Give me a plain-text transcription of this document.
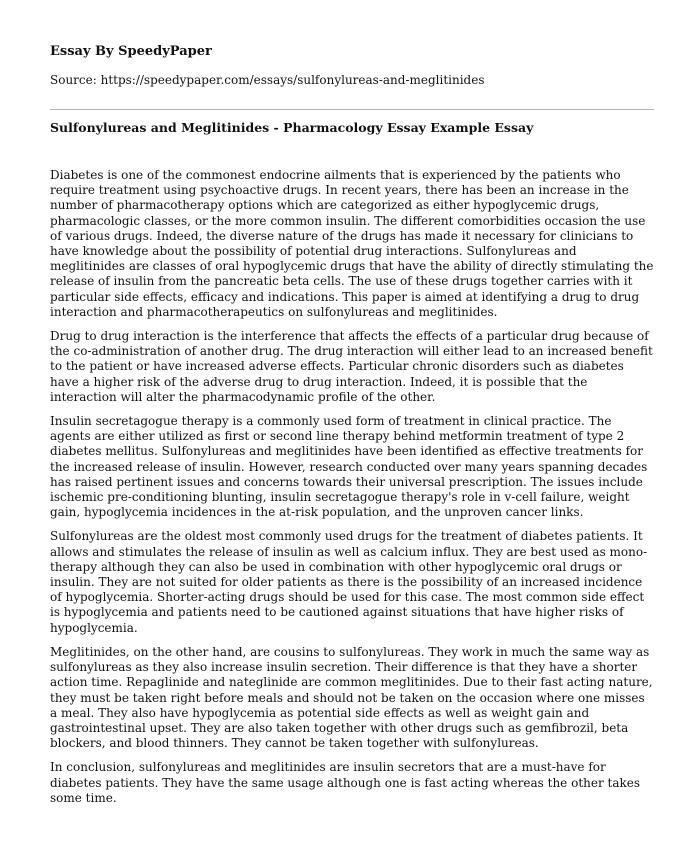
Essay By SpeedyPaper
Source: https://speedypaper.com/essays/sulfonylureas-and-meglitinides
Sulfonylureas and Meglitinides - Pharmacology Essay Example Essay

Diabetes is one of the commonest endocrine ailments that is experienced by the patients who require treatment using psychoactive drugs. In recent years, there has been an increase in the number of pharmacotherapy options which are categorized as either hypoglycemic drugs, pharmacologic classes, or the more common insulin. The different comorbidities occasion the use of various drugs. Indeed, the diverse nature of the drugs has made it necessary for clinicians to have knowledge about the possibility of potential drug interactions. Sulfonylureas and meglitinides are classes of oral hypoglycemic drugs that have the ability of directly stimulating the release of insulin from the pancreatic beta cells. The use of these drugs together carries with it particular side effects, efficacy and indications. This paper is aimed at identifying a drug to drug interaction and pharmacotherapeutics on sulfonylureas and meglitinides.

Drug to drug interaction is the interference that affects the effects of a particular drug because of the co-administration of another drug. The drug interaction will either lead to an increased benefit to the patient or have increased adverse effects. Particular chronic disorders such as diabetes have a higher risk of the adverse drug to drug interaction. Indeed, it is possible that the interaction will alter the pharmacodynamic profile of the other.

Insulin secretagogue therapy is a commonly used form of treatment in clinical practice. The agents are either utilized as first or second line therapy behind metformin treatment of type 2 diabetes mellitus. Sulfonylureas and meglitinides have been identified as effective treatments for the increased release of insulin. However, research conducted over many years spanning decades has raised pertinent issues and concerns towards their universal prescription. The issues include ischemic pre-conditioning blunting, insulin secretagogue therapy's role in v-cell failure, weight gain, hypoglycemia incidences in the at-risk population, and the unproven cancer links.

Sulfonylureas are the oldest most commonly used drugs for the treatment of diabetes patients. It allows and stimulates the release of insulin as well as calcium influx. They are best used as mono-therapy although they can also be used in combination with other hypoglycemic oral drugs or insulin. They are not suited for older patients as there is the possibility of an increased incidence of hypoglycemia. Shorter-acting drugs should be used for this case. The most common side effect is hypoglycemia and patients need to be cautioned against situations that have higher risks of hypoglycemia.

Meglitinides, on the other hand, are cousins to sulfonylureas. They work in much the same way as sulfonylureas as they also increase insulin secretion. Their difference is that they have a shorter action time. Repaglinide and nateglinide are common meglitinides. Due to their fast acting nature, they must be taken right before meals and should not be taken on the occasion where one misses a meal. They also have hypoglycemia as potential side effects as well as weight gain and gastrointestinal upset. They are also taken together with other drugs such as gemfibrozil, beta blockers, and blood thinners. They cannot be taken together with sulfonylureas.

In conclusion, sulfonylureas and meglitinides are insulin secretors that are a must-have for diabetes patients. They have the same usage although one is fast acting whereas the other takes some time.
